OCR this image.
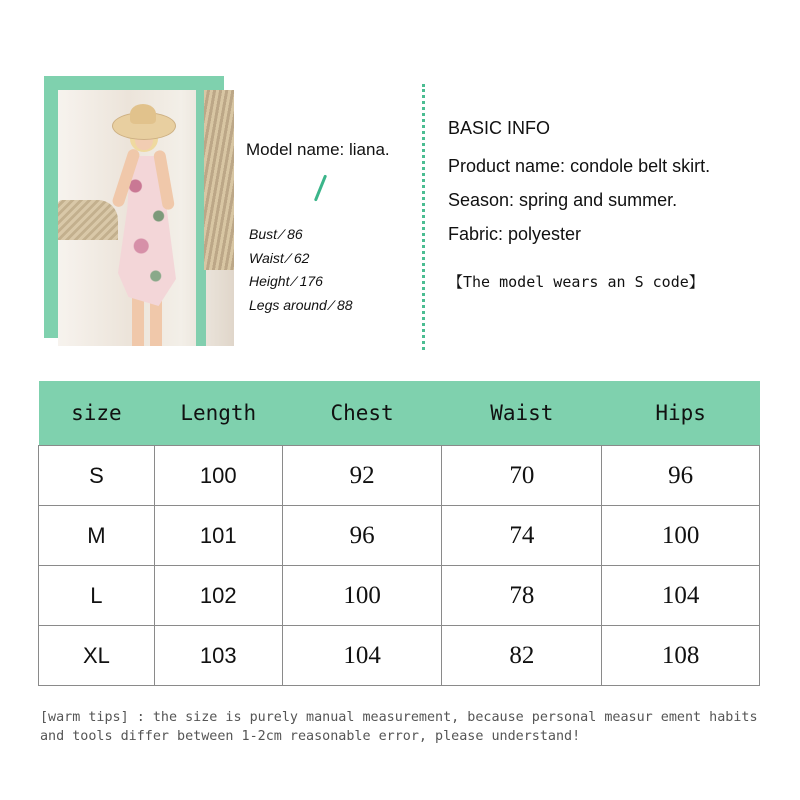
Model name: liana.
Bust ∕ 86
Waist ∕ 62
Height ∕ 176
Legs around ∕ 88
BASIC INFO
Product name: condole belt skirt.
Season: spring and summer.
Fabric: polyester
【The model wears an S code】
size	Length	Chest	Waist	Hips
S	100	92	70	96
M	101	96	74	100
L	102	100	78	104
XL	103	104	82	108
[warm tips] : the size is purely manual measurement, because personal measur ement habits and tools differ between 1-2cm reasonable error, please understand!
